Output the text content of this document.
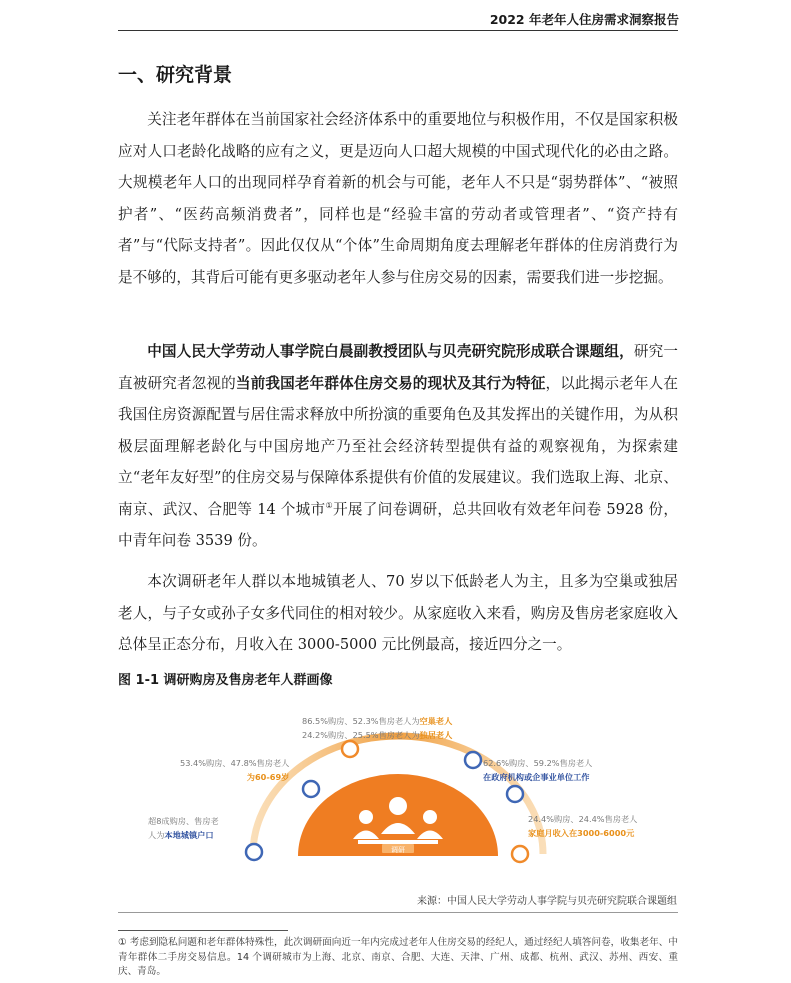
2022 年老年人住房需求洞察报告
一、研究背景

关注老年群体在当前国家社会经济体系中的重要地位与积极作用，不仅是国家积极应对人口老龄化战略的应有之义，更是迈向人口超大规模的中国式现代化的必由之路。大规模老年人口的出现同样孕育着新的机会与可能，老年人不只是“弱势群体”、“被照护者”、“医药高频消费者”，同样也是“经验丰富的劳动者或管理者”、“资产持有者”与“代际支持者”。因此仅仅从“个体”生命周期角度去理解老年群体的住房消费行为是不够的，其背后可能有更多驱动老年人参与住房交易的因素，需要我们进一步挖掘。

中国人民大学劳动人事学院白晨副教授团队与贝壳研究院形成联合课题组，研究一直被研究者忽视的当前我国老年群体住房交易的现状及其行为特征，以此揭示老年人在我国住房资源配置与居住需求释放中所扮演的重要角色及其发挥出的关键作用，为从积极层面理解老龄化与中国房地产乃至社会经济转型提供有益的观察视角，为探索建立“老年友好型”的住房交易与保障体系提供有价值的发展建议。我们选取上海、北京、南京、武汉、合肥等 14 个城市①开展了问卷调研，总共回收有效老年问卷 5928 份，中青年问卷 3539 份。

本次调研老年人群以本地城镇老人、70 岁以下低龄老人为主，且多为空巢或独居老人，与子女或孙子女多代同住的相对较少。从家庭收入来看，购房及售房老家庭收入总体呈正态分布，月收入在 3000-5000 元比例最高，接近四分之一。

图 1-1 调研购房及售房老年人群画像

调研
86.5%购房、52.3%售房老人为空巢老人
24.2%购房、25.5%售房老人为独居老人
53.4%购房、47.8%售房老人
为60-69岁
62.6%购房、59.2%售房老人
在政府机构或企事业单位工作
超8成购房、售房老
人为本地城镇户口
24.4%购房、24.4%售房老人
家庭月收入在3000-6000元
来源：中国人民大学劳动人事学院与贝壳研究院联合课题组

① 考虑到隐私问题和老年群体特殊性，此次调研面向近一年内完成过老年人住房交易的经纪人，通过经纪人填答问卷，收集老年、中青年群体二手房交易信息。14 个调研城市为上海、北京、南京、合肥、大连、天津、广州、成都、杭州、武汉、苏州、西安、重庆、青岛。
